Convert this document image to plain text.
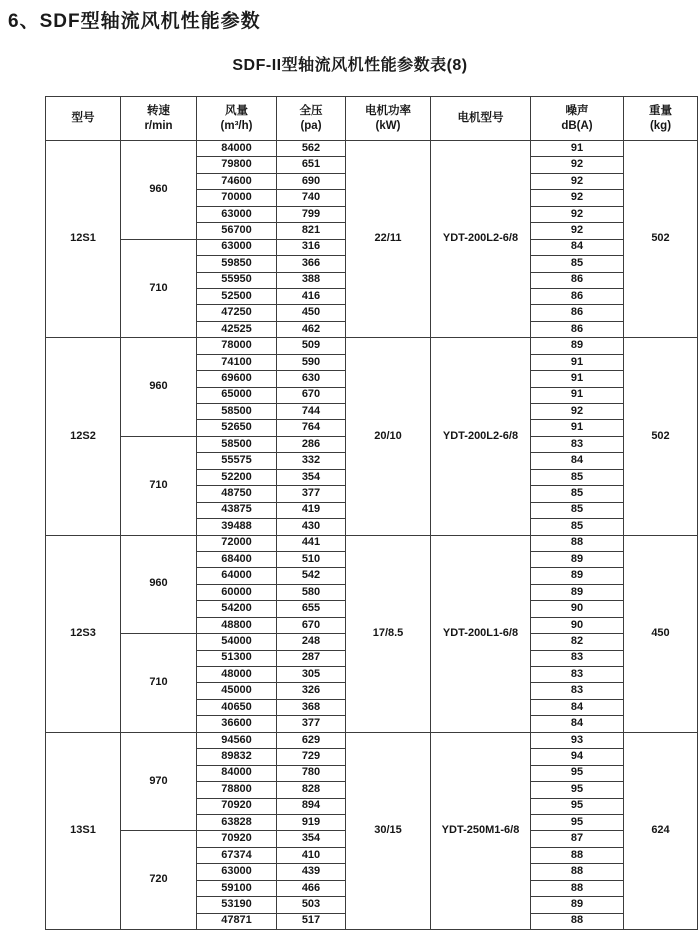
6、SDF型轴流风机性能参数
SDF-II型轴流风机性能参数表(8)
型号

转速
r/min

风量
(m³/h)

全压
(pa)

电机功率
(kW)

电机型号

噪声
dB(A)

重量
(kg)

12S1	960	84000	562	22/11	YDT-200L2-6/8	91	502
		79800	651			92	
		74600	690			92	
		70000	740			92	
		63000	799			92	
		56700	821			92	
	710	63000	316			84	
		59850	366			85	
		55950	388			86	
		52500	416			86	
		47250	450			86	
		42525	462			86	
12S2	960	78000	509	20/10	YDT-200L2-6/8	89	502
		74100	590			91	
		69600	630			91	
		65000	670			91	
		58500	744			92	
		52650	764			91	
	710	58500	286			83	
		55575	332			84	
		52200	354			85	
		48750	377			85	
		43875	419			85	
		39488	430			85	
12S3	960	72000	441	17/8.5	YDT-200L1-6/8	88	450
		68400	510			89	
		64000	542			89	
		60000	580			89	
		54200	655			90	
		48800	670			90	
	710	54000	248			82	
		51300	287			83	
		48000	305			83	
		45000	326			83	
		40650	368			84	
		36600	377			84	
13S1	970	94560	629	30/15	YDT-250M1-6/8	93	624
		89832	729			94	
		84000	780			95	
		78800	828			95	
		70920	894			95	
		63828	919			95	
	720	70920	354			87	
		67374	410			88	
		63000	439			88	
		59100	466			88	
		53190	503			89	
		47871	517			88	
